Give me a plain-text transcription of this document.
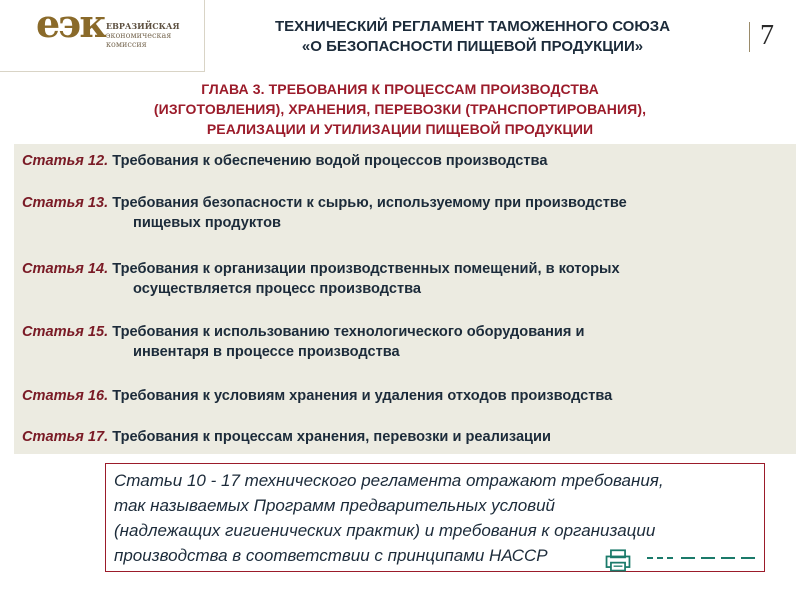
еэк ЕВРАЗИЙСКАЯ
экономическая
комиссия
ТЕХНИЧЕСКИЙ РЕГЛАМЕНТ ТАМОЖЕННОГО СОЮЗА
«О БЕЗОПАСНОСТИ ПИЩЕВОЙ ПРОДУКЦИИ»	7
ГЛАВА 3. ТРЕБОВАНИЯ К ПРОЦЕССАМ ПРОИЗВОДСТВА
(ИЗГОТОВЛЕНИЯ), ХРАНЕНИЯ, ПЕРЕВОЗКИ (ТРАНСПОРТИРОВАНИЯ),
РЕАЛИЗАЦИИ И УТИЛИЗАЦИИ ПИЩЕВОЙ ПРОДУКЦИИ
Статья 12. Требования к обеспечению водой процессов производства
Статья 13. Требования безопасности к сырью, используемому при производстве
пищевых продуктов
Статья 14. Требования к организации производственных помещений, в которых
осуществляется процесс производства
Статья 15. Требования к использованию технологического оборудования и
инвентаря в процессе производства
Статья 16. Требования к условиям хранения и удаления отходов производства
Статья 17. Требования к процессам хранения, перевозки и реализации
Статьи 10 - 17 технического регламента отражают требования,
так называемых Программ предварительных условий
(надлежащих гигиенических практик) и требования к организации
производства в соответствии с принципами НАССР
